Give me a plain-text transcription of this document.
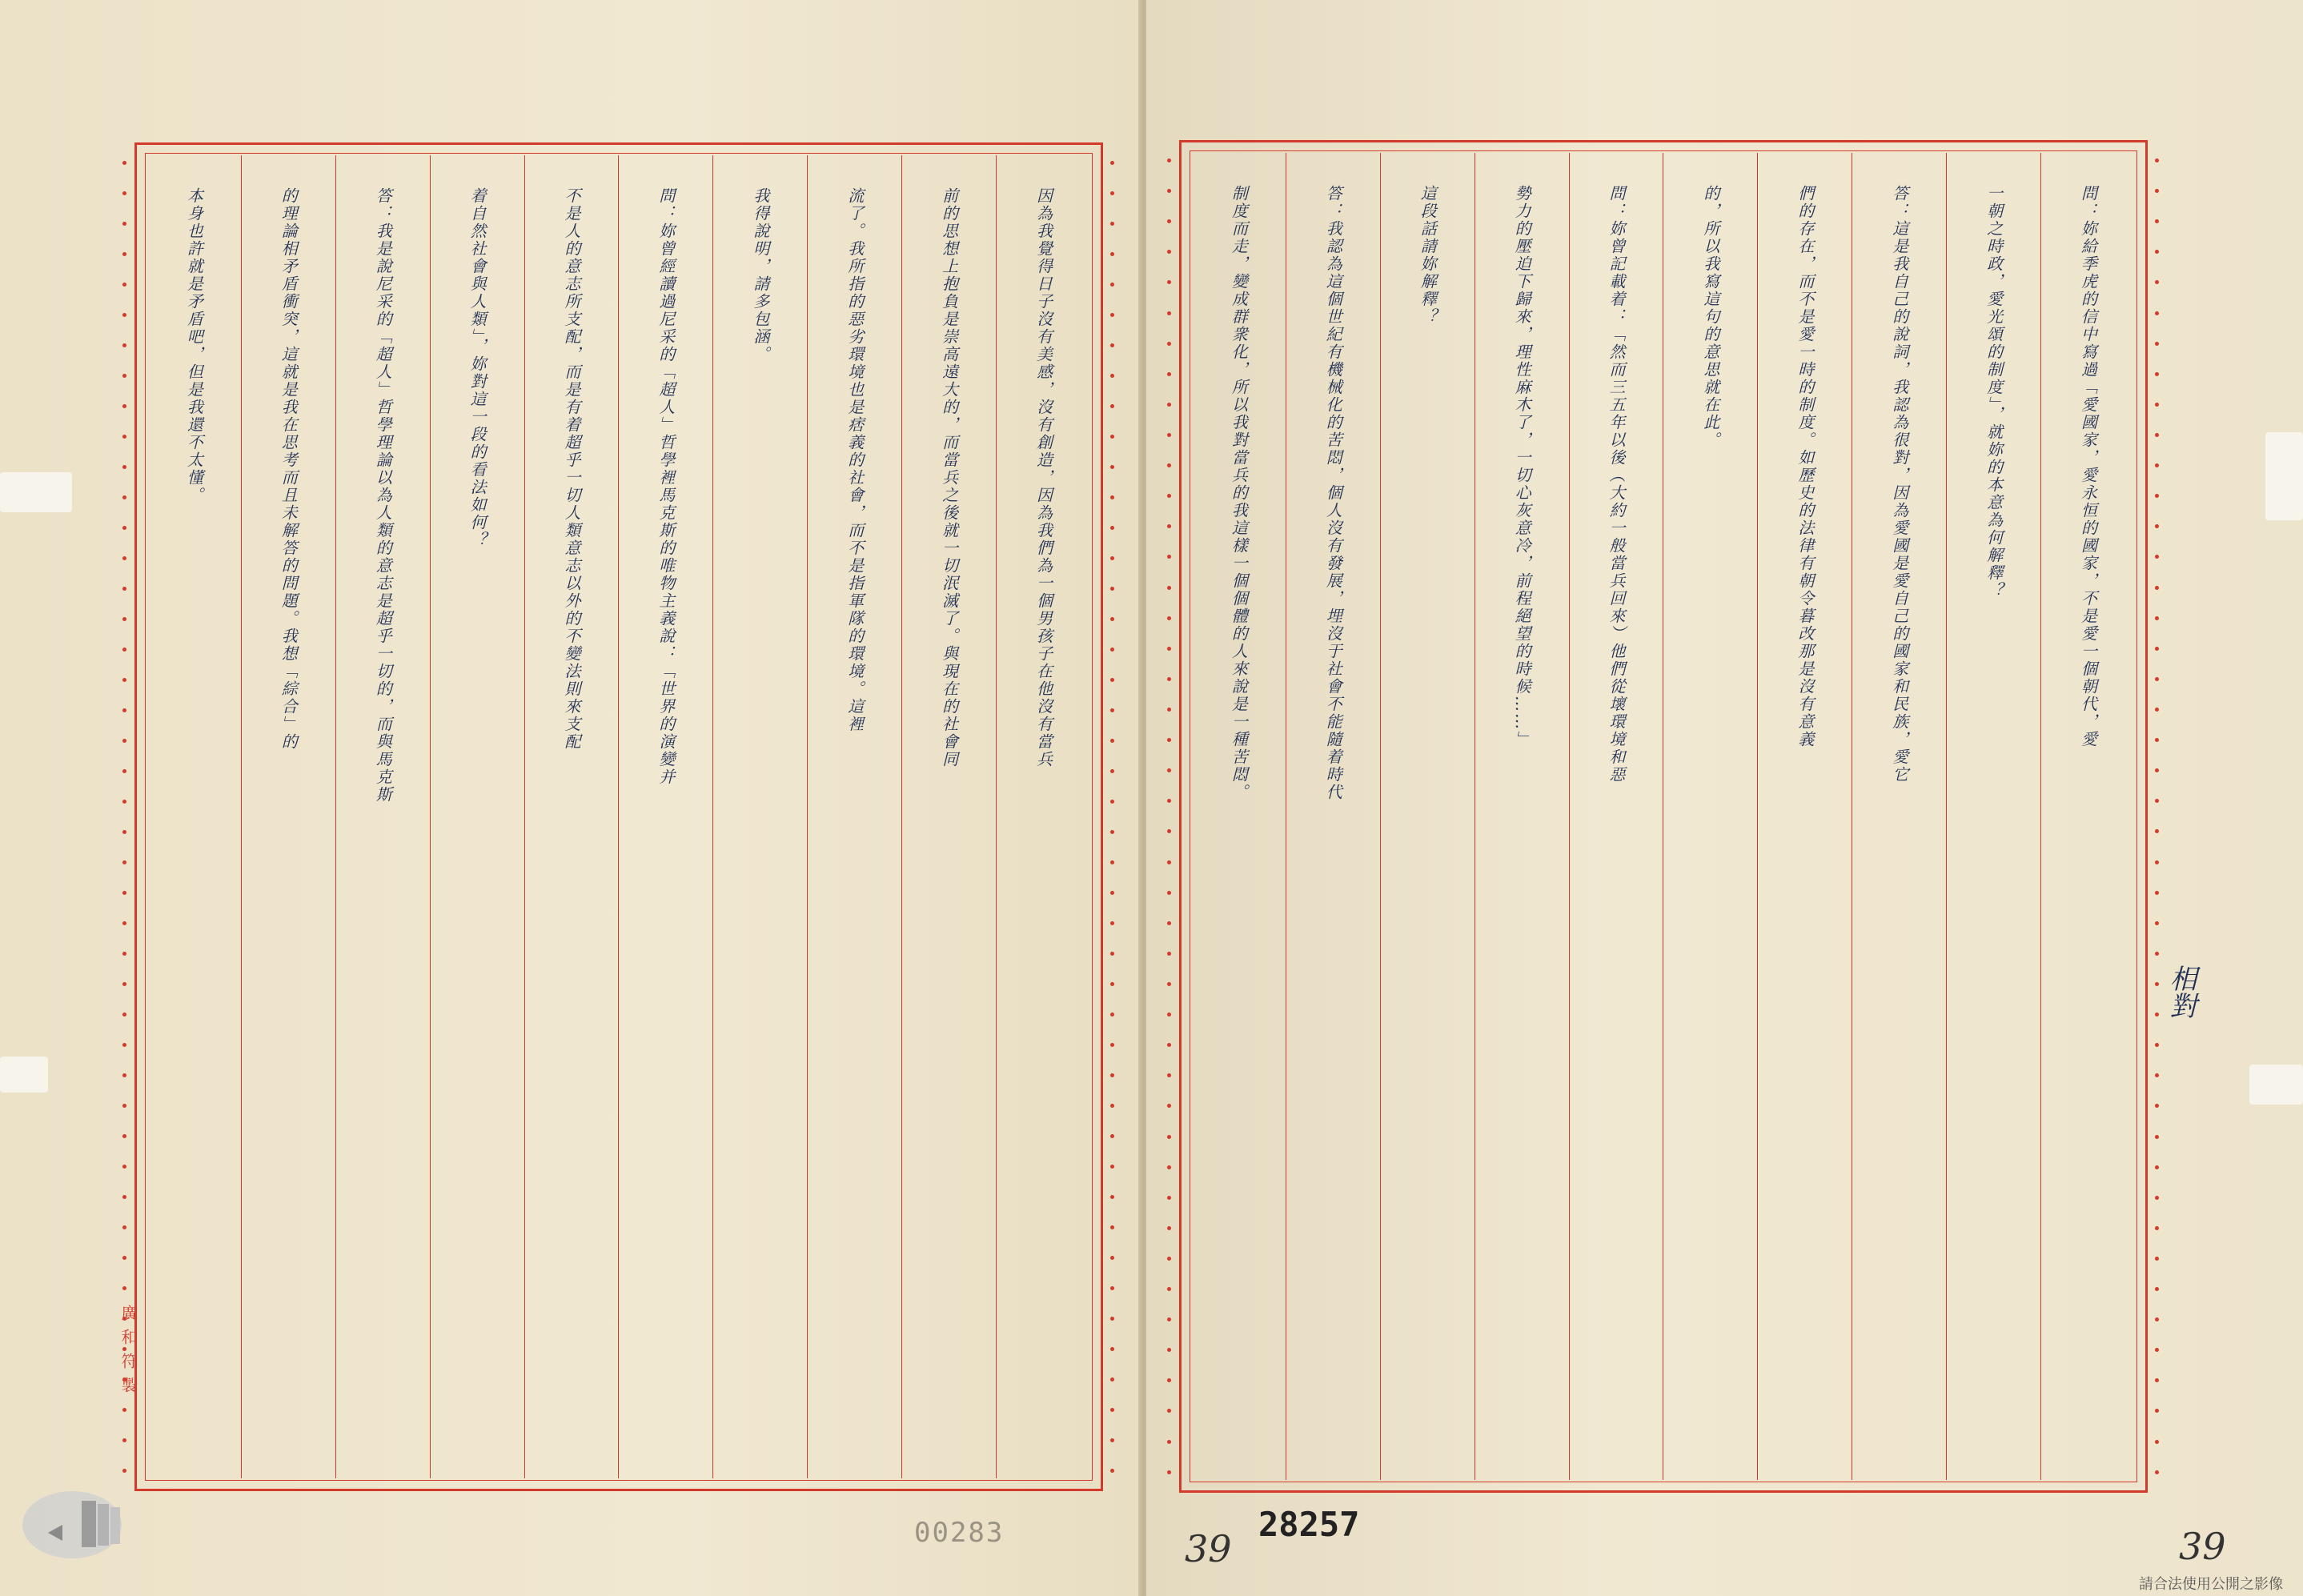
因為我覺得日子沒有美感，沒有創造，因為我們為一個男孩子在他沒有當兵
前的思想上抱負是崇高遠大的，而當兵之後就一切泯滅了。與現在的社會同
流了。我所指的惡劣環境也是痞義的社會，而不是指軍隊的環境。這裡
我得說明，請多包涵。
問：妳曾經讀過尼采的「超人」哲學裡馬克斯的唯物主義說：「世界的演變并
不是人的意志所支配，而是有着超乎一切人類意志以外的不變法則來支配
着自然社會與人類」，妳對這一段的看法如何？
答：我是說尼采的「超人」哲學理論以為人類的意志是超乎一切的，而與馬克斯
的理論相矛盾衝突，這就是我在思考而且未解答的問題。我想「綜合」的
本身也許就是矛盾吧，但是我還不太懂。	問：妳給季虎的信中寫過「愛國家，愛永恒的國家，不是愛一個朝代，愛
一朝之時政，愛光頌的制度」，就妳的本意為何解釋？
答：這是我自己的說詞，我認為很對，因為愛國是愛自己的國家和民族，愛它
們的存在，而不是愛一時的制度。如歷史的法律有朝令暮改那是沒有意義
的，所以我寫這句的意思就在此。
問：妳曾記載着：「然而三五年以後（大約一般當兵回來）他們從壞環境和惡
勢力的壓迫下歸來，理性麻木了，一切心灰意冷，前程絕望的時候……」
這段話請妳解釋？
答：我認為這個世紀有機械化的苦悶，個人沒有發展，埋沒于社會不能隨着時代
制度而走，變成群衆化，所以我對當兵的我這樣一個個體的人來說是一種苦悶。
廣和符製
相對
00283	28257
39	39
請合法使用公開之影像
